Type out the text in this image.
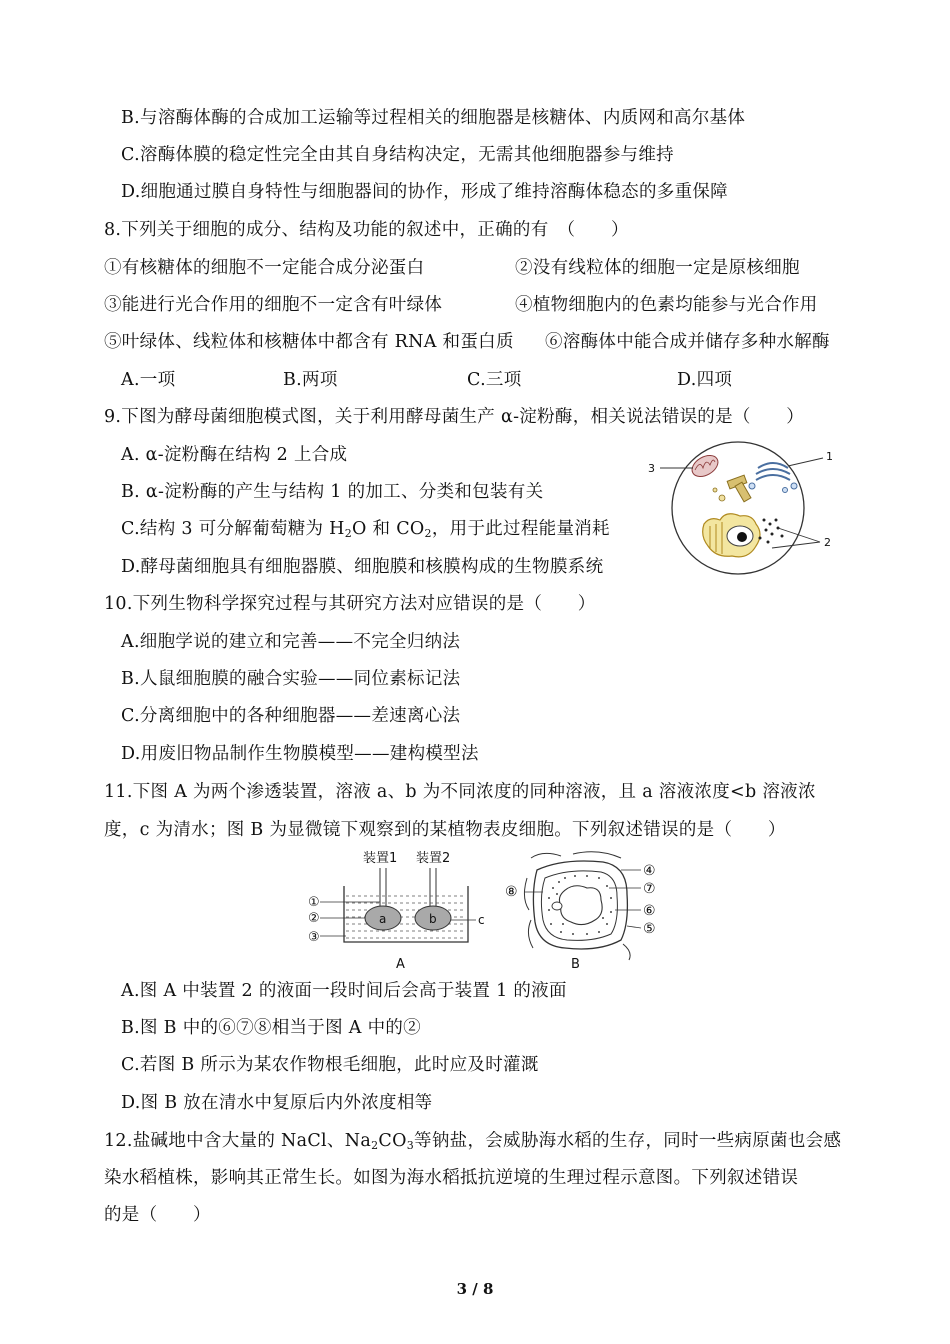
B.与溶酶体酶的合成加工运输等过程相关的细胞器是核糖体、内质网和高尔基体
C.溶酶体膜的稳定性完全由其自身结构决定，无需其他细胞器参与维持
D.细胞通过膜自身特性与细胞器间的协作，形成了维持溶酶体稳态的多重保障
8.下列关于细胞的成分、结构及功能的叙述中，正确的有　（　　）
①有核糖体的细胞不一定能合成分泌蛋白	②没有线粒体的细胞一定是原核细胞
③能进行光合作用的细胞不一定含有叶绿体	④植物细胞内的色素均能参与光合作用
⑤叶绿体、线粒体和核糖体中都含有 RNA 和蛋白质 ⑥溶酶体中能合成并储存多种水解酶
A.一项	B.两项	C.三项	D.四项
9.下图为酵母菌细胞模式图，关于利用酵母菌生产 α-淀粉酶，相关说法错误的是（　　）
A. α-淀粉酶在结构 2 上合成
B. α-淀粉酶的产生与结构 1 的加工、分类和包装有关
C.结构 3 可分解葡萄糖为 $H_2O$ 和 $CO_2$，用于此过程能量消耗
D.酵母菌细胞具有细胞器膜、细胞膜和核膜构成的生物膜系统
3
1
2
10.下列生物科学探究过程与其研究方法对应错误的是（　　）
A.细胞学说的建立和完善——不完全归纳法
B.人鼠细胞膜的融合实验——同位素标记法
C.分离细胞中的各种细胞器——差速离心法
D.用废旧物品制作生物膜模型——建构模型法
11.下图 A 为两个渗透装置，溶液 a、b 为不同浓度的同种溶液，且 a 溶液浓度<b 溶液浓
度，c 为清水；图 B 为显微镜下观察到的某植物表皮细胞。下列叙述错误的是（　　）
装置1 装置2
a	b
①
②
③
c
A
⑧
④
⑦
⑥
⑤
B
A.图 A 中装置 2 的液面一段时间后会高于装置 1 的液面
B.图 B 中的⑥⑦⑧相当于图 A 中的②
C.若图 B 所示为某农作物根毛细胞，此时应及时灌溉
D.图 B 放在清水中复原后内外浓度相等
12.盐碱地中含大量的 NaCl、$Na_2CO_3$等钠盐，会威胁海水稻的生存，同时一些病原菌也会感
染水稻植株，影响其正常生长。如图为海水稻抵抗逆境的生理过程示意图。下列叙述错误
的是（　　）
3 / 8
